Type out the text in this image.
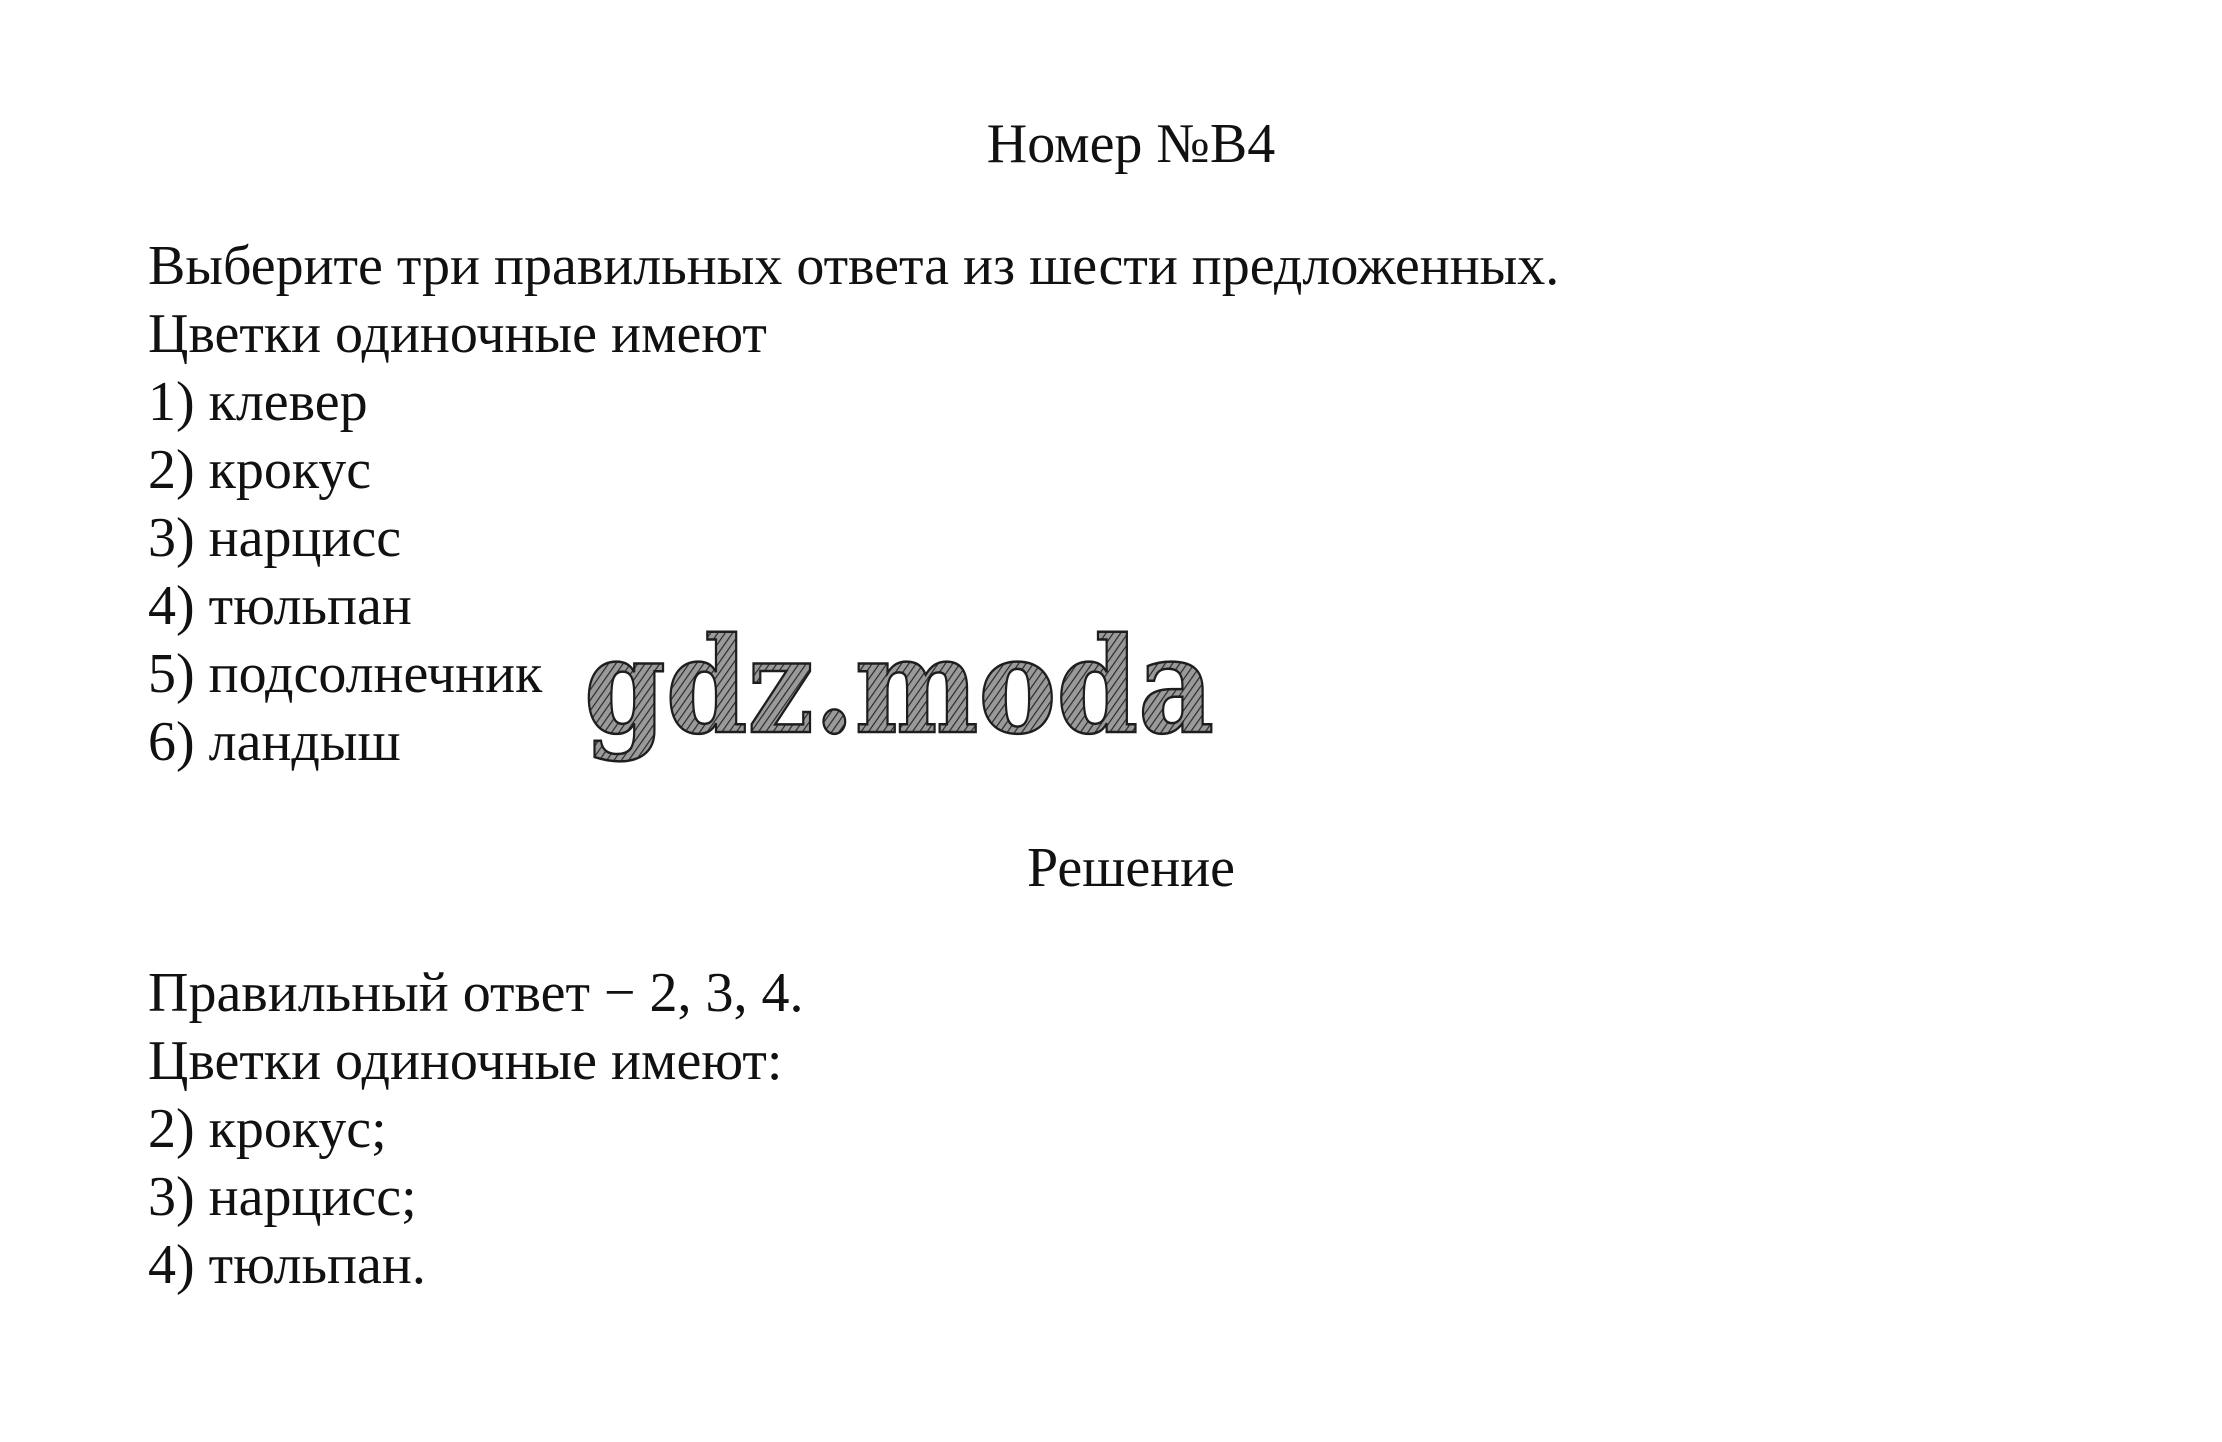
Номер №В4
Выберите три правильных ответа из шести предложенных.
Цветки одиночные имеют
1) клевер
2) крокус
3) нарцисс
4) тюльпан
5) подсолнечник
6) ландыш
Решение
Правильный ответ − 2, 3, 4.
Цветки одиночные имеют:
2) крокус;
3) нарцисс;
4) тюльпан.
gdz.moda
